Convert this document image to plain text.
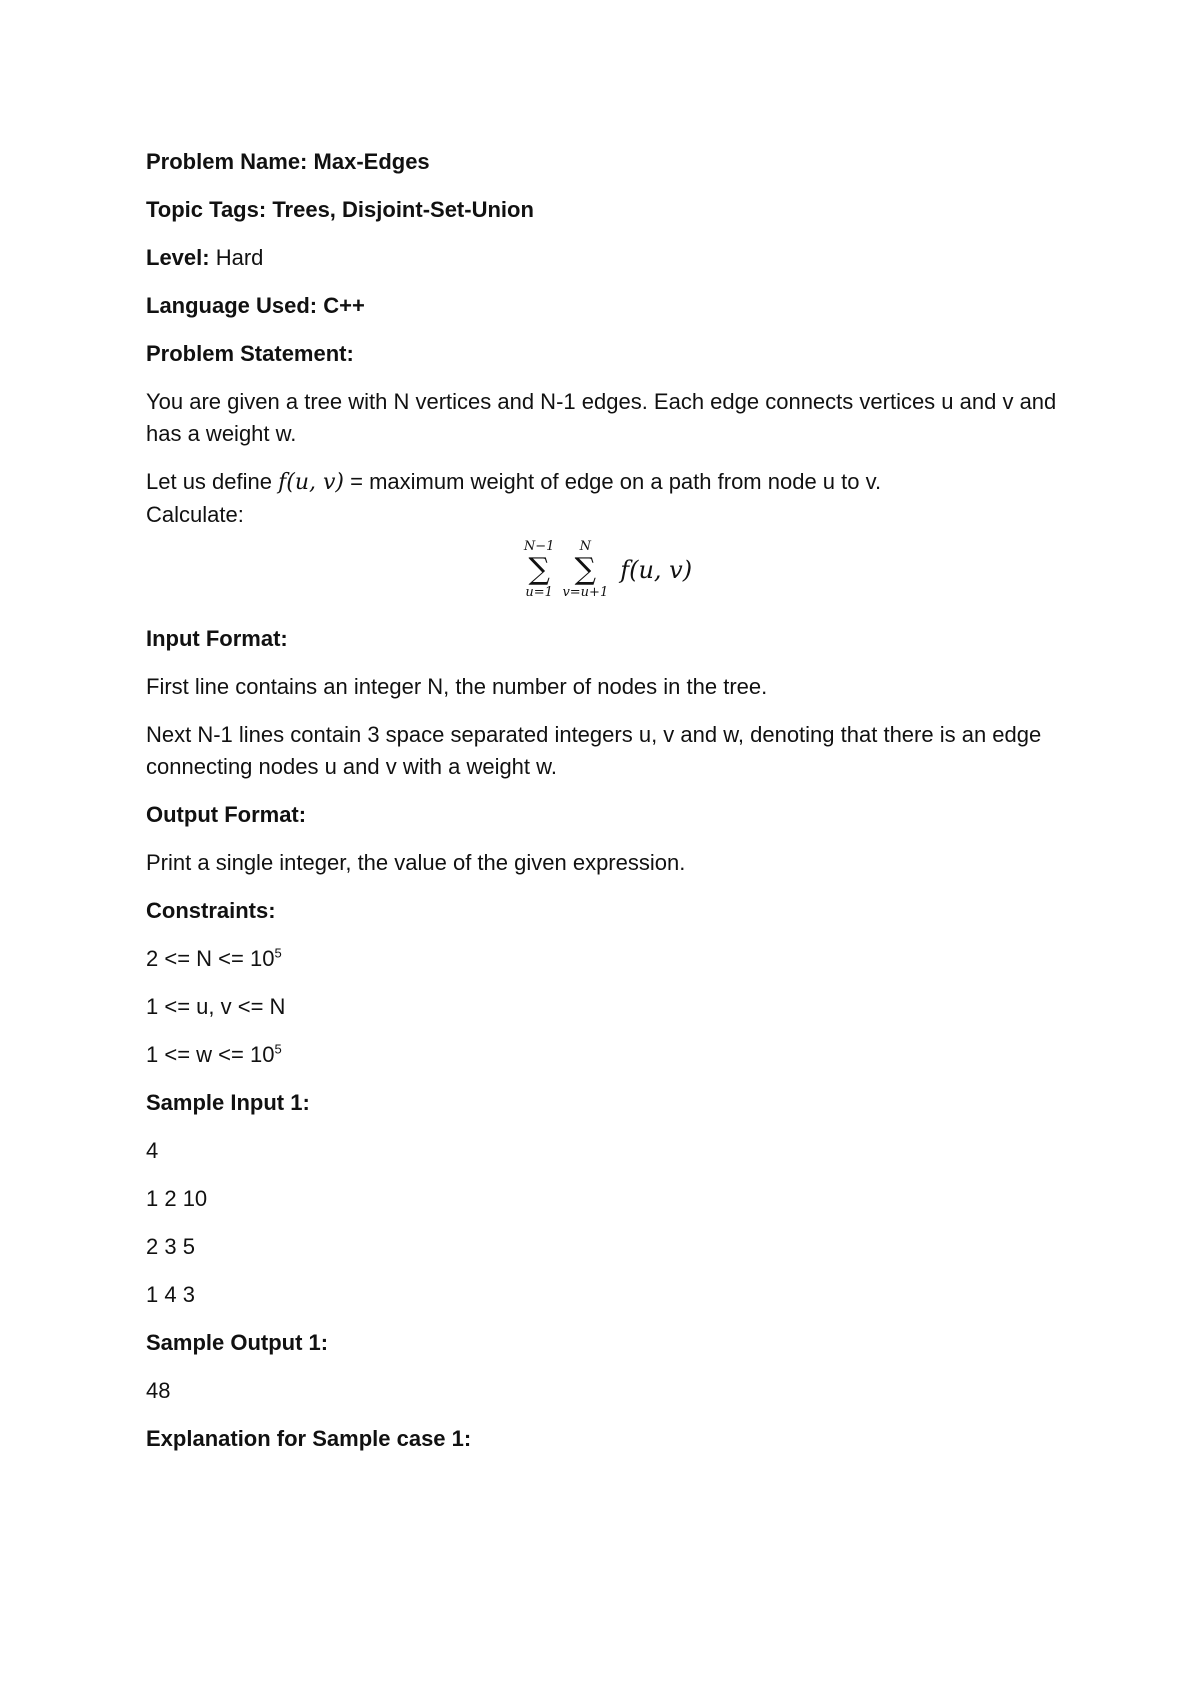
Problem Name: Max-Edges

Topic Tags: Trees, Disjoint-Set-Union

Level: Hard

Language Used: C++

Problem Statement:

You are given a tree with N vertices and N-1 edges. Each edge connects vertices u and v and has a weight w.

Let us define f(u, v) = maximum weight of edge on a path from node u to v.
Calculate:

N−1
∑
u=1
N
∑
v=u+1
f(u, v)

Input Format:

First line contains an integer N, the number of nodes in the tree.

Next N-1 lines contain 3 space separated integers u, v and w, denoting that there is an edge connecting nodes u and v with a weight w.

Output Format:

Print a single integer, the value of the given expression.

Constraints:

$2 <= N <= 10^5$

1 <= u, v <= N

$1 <= w <= 10^5$

Sample Input 1:

4

1 2 10

2 3 5

1 4 3

Sample Output 1:

48

Explanation for Sample case 1:
